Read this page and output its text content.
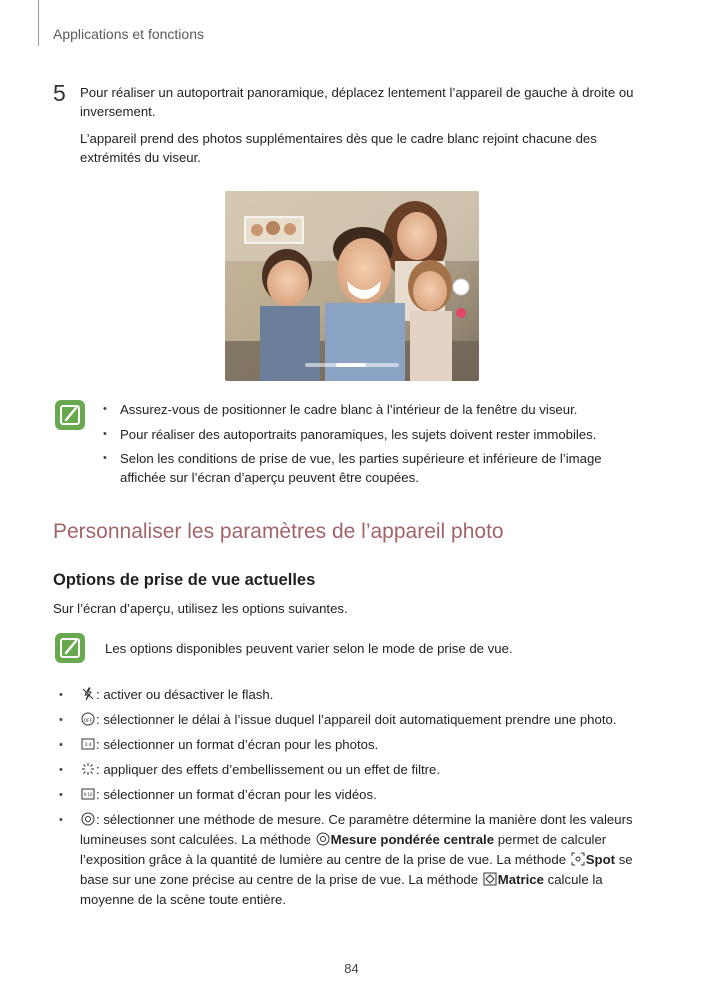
Applications et fonctions
5 Pour réaliser un autoportrait panoramique, déplacez lentement l’appareil de gauche à droite ou inversement.
L’appareil prend des photos supplémentaires dès que le cadre blanc rejoint chacune des extrémités du viseur.
• Assurez-vous de positionner le cadre blanc à l’intérieur de la fenêtre du viseur.
• Pour réaliser des autoportraits panoramiques, les sujets doivent rester immobiles.
• Selon les conditions de prise de vue, les parties supérieure et inférieure de l’image affichée sur l’écran d’aperçu peuvent être coupées.
Personnaliser les paramètres de l’appareil photo
Options de prise de vue actuelles
Sur l’écran d’aperçu, utilisez les options suivantes.
Les options disponibles peuvent varier selon le mode de prise de vue.
• : activer ou désactiver le flash.
• OFF : sélectionner le délai à l’issue duquel l’appareil doit automatiquement prendre une photo.
• 3:4 : sélectionner un format d’écran pour les photos.
• : appliquer des effets d’embellissement ou un effet de filtre.
• 9:16 : sélectionner un format d’écran pour les vidéos.
• : sélectionner une méthode de mesure. Ce paramètre détermine la manière dont les valeurs lumineuses sont calculées. La méthode Mesure pondérée centrale permet de calculer l’exposition grâce à la quantité de lumière au centre de la prise de vue. La méthode Spot se base sur une zone précise au centre de la prise de vue. La méthode Matrice calcule la moyenne de la scène toute entière.
84
